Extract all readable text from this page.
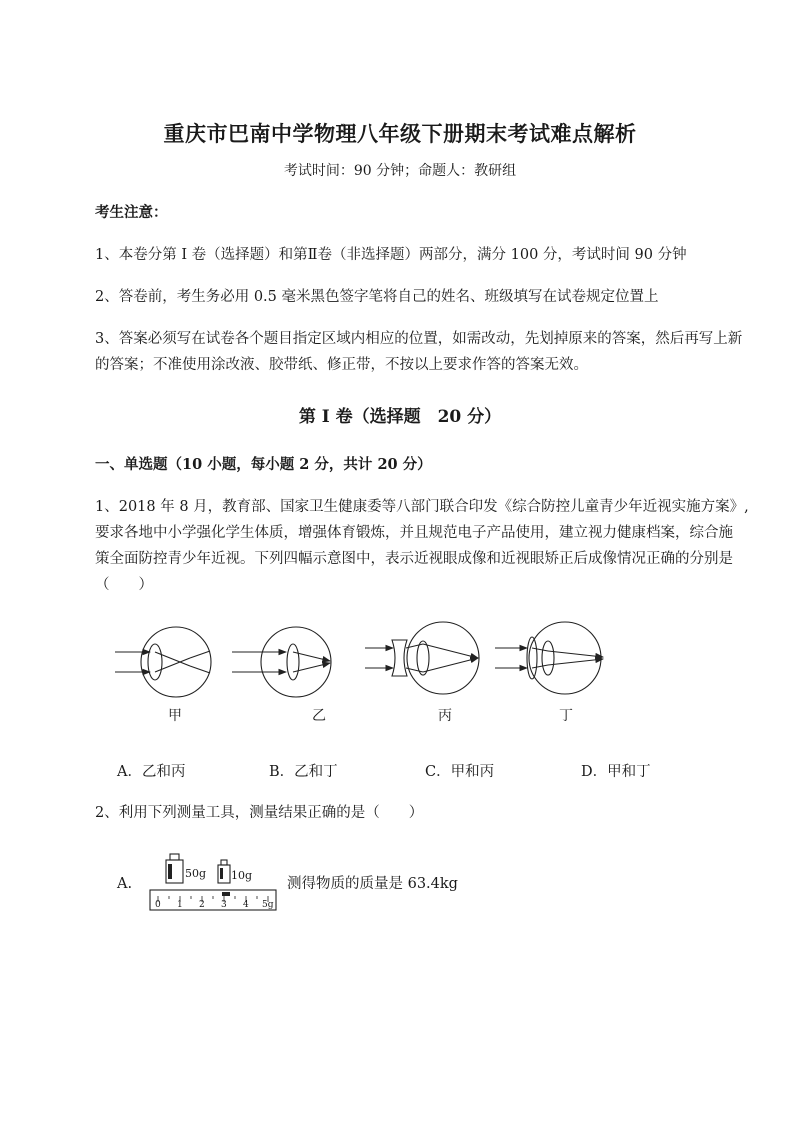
重庆市巴南中学物理八年级下册期末考试难点解析
考试时间：90 分钟；命题人：教研组
考生注意：
1、本卷分第 I 卷（选择题）和第Ⅱ卷（非选择题）两部分，满分 100 分，考试时间 90 分钟
2、答卷前，考生务必用 0.5 毫米黑色签字笔将自己的姓名、班级填写在试卷规定位置上
3、答案必须写在试卷各个题目指定区域内相应的位置，如需改动，先划掉原来的答案，然后再写上新
的答案；不准使用涂改液、胶带纸、修正带，不按以上要求作答的答案无效。
第 I 卷（选择题　20 分）
一、单选题（10 小题，每小题 2 分，共计 20 分）
1、2018 年 8 月，教育部、国家卫生健康委等八部门联合印发《综合防控儿童青少年近视实施方案》,
要求各地中小学强化学生体质，增强体育锻炼，并且规范电子产品使用，建立视力健康档案，综合施
策全面防控青少年近视。下列四幅示意图中，表示近视眼成像和近视眼矫正后成像情况正确的分别是
（　　）
甲	乙	丙	丁
A．乙和丙	B．乙和丁	C．甲和丙	D．甲和丁
2、利用下列测量工具，测量结果正确的是（　　）
A.
50g 10g
0 1 2 3 4 5g
测得物质的质量是 63.4kg
